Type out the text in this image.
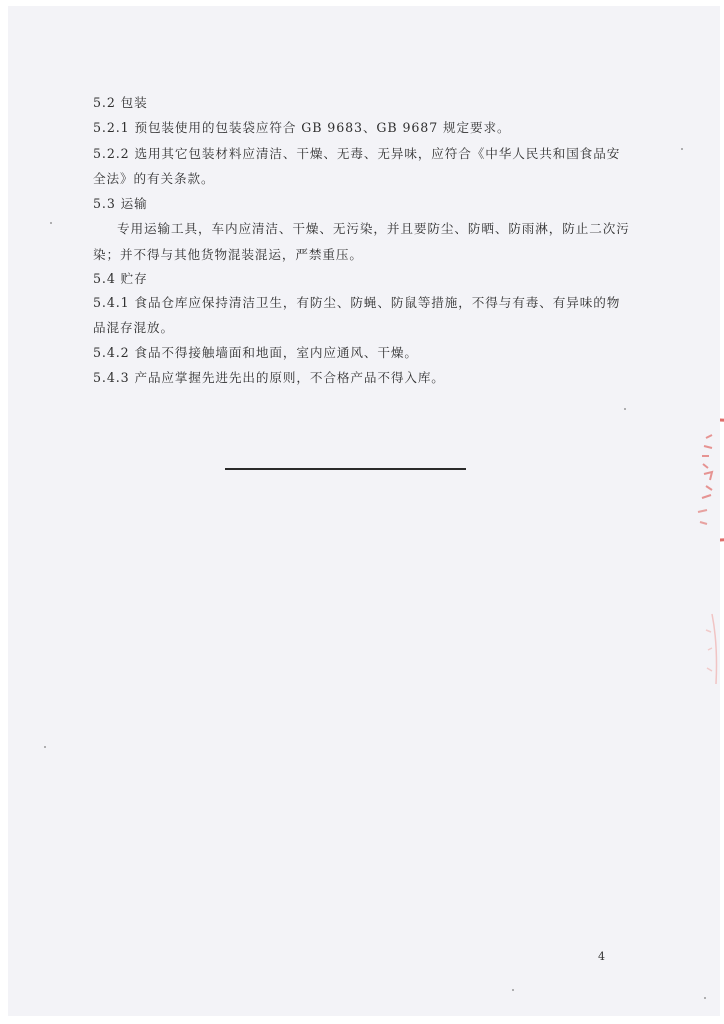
5.2 包装
5.2.1 预包装使用的包装袋应符合 GB 9683、GB 9687 规定要求。
5.2.2 选用其它包装材料应清洁、干燥、无毒、无异味，应符合《中华人民共和国食品安
全法》的有关条款。
5.3 运输
专用运输工具，车内应清洁、干燥、无污染，并且要防尘、防晒、防雨淋，防止二次污
染；并不得与其他货物混装混运，严禁重压。
5.4 贮存
5.4.1 食品仓库应保持清洁卫生，有防尘、防蝇、防鼠等措施，不得与有毒、有异味的物
品混存混放。
5.4.2 食品不得接触墙面和地面，室内应通风、干燥。
5.4.3 产品应掌握先进先出的原则，不合格产品不得入库。
4
